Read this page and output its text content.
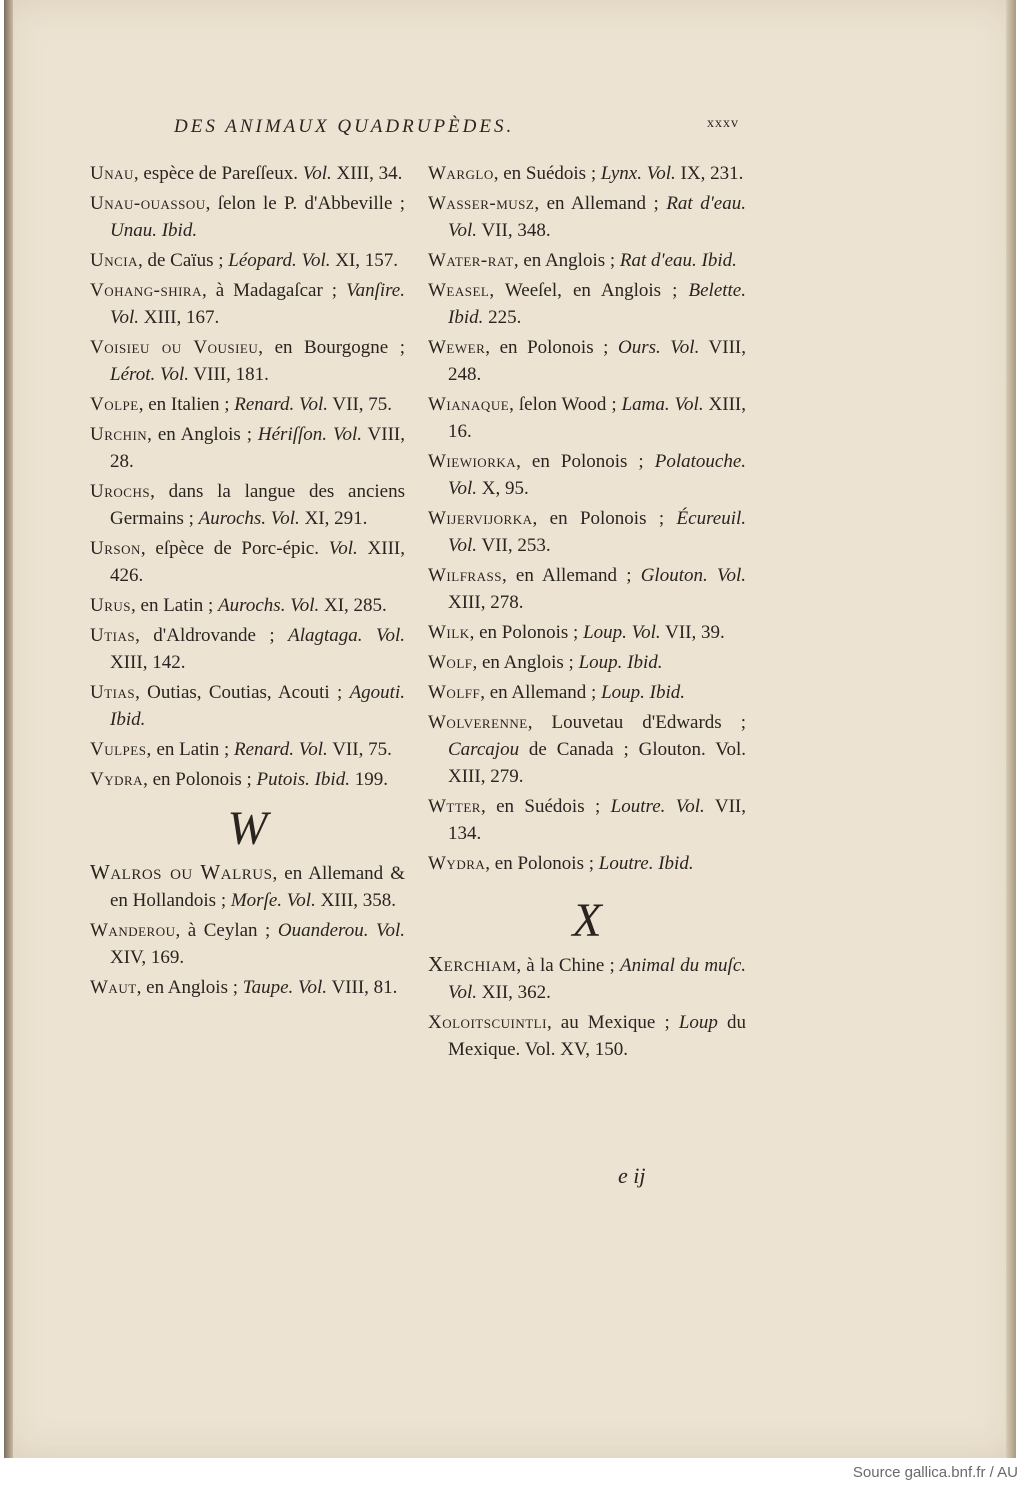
DES ANIMAUX QUADRUPÈDES.	xxxv
Unau, espèce de Pareſſeux. Vol. XIII, 34.
Unau-ouassou, ſelon le P. d'Abbeville ; Unau. Ibid.
Uncia, de Caïus ; Léopard. Vol. XI, 157.
Vohang-shira, à Madagaſcar ; Vanſire. Vol. XIII, 167.
Voisieu ou Vousieu, en Bourgogne ; Lérot. Vol. VIII, 181.
Volpe, en Italien ; Renard. Vol. VII, 75.
Urchin, en Anglois ; Hériſſon. Vol. VIII, 28.
Urochs, dans la langue des anciens Germains ; Aurochs. Vol. XI, 291.
Urson, eſpèce de Porc-épic. Vol. XIII, 426.
Urus, en Latin ; Aurochs. Vol. XI, 285.
Utias, d'Aldrovande ; Alagtaga. Vol. XIII, 142.
Utias, Outias, Coutias, Acouti ; Agouti. Ibid.
Vulpes, en Latin ; Renard. Vol. VII, 75.
Vydra, en Polonois ; Putois. Ibid. 199.
W
Walros ou Walrus, en Allemand & en Hollandois ; Morſe. Vol. XIII, 358.
Wanderou, à Ceylan ; Ouanderou. Vol. XIV, 169.
Waut, en Anglois ; Taupe. Vol. VIII, 81.
Warglo, en Suédois ; Lynx. Vol. IX, 231.
Wasser-musz, en Allemand ; Rat d'eau. Vol. VII, 348.
Water-rat, en Anglois ; Rat d'eau. Ibid.
Weasel, Weeſel, en Anglois ; Belette. Ibid. 225.
Wewer, en Polonois ; Ours. Vol. VIII, 248.
Wianaque, ſelon Wood ; Lama. Vol. XIII, 16.
Wiewiorka, en Polonois ; Polatouche. Vol. X, 95.
Wijervijorka, en Polonois ; Écureuil. Vol. VII, 253.
Wilfrass, en Allemand ; Glouton. Vol. XIII, 278.
Wilk, en Polonois ; Loup. Vol. VII, 39.
Wolf, en Anglois ; Loup. Ibid.
Wolff, en Allemand ; Loup. Ibid.
Wolverenne, Louvetau d'Edwards ; Carcajou de Canada ; Glouton. Vol. XIII, 279.
Wtter, en Suédois ; Loutre. Vol. VII, 134.
Wydra, en Polonois ; Loutre. Ibid.
X
Xerchiam, à la Chine ; Animal du muſc. Vol. XII, 362.
Xoloitscuintli, au Mexique ; Loup du Mexique. Vol. XV, 150.
e ij
Source gallica.bnf.fr / AU
